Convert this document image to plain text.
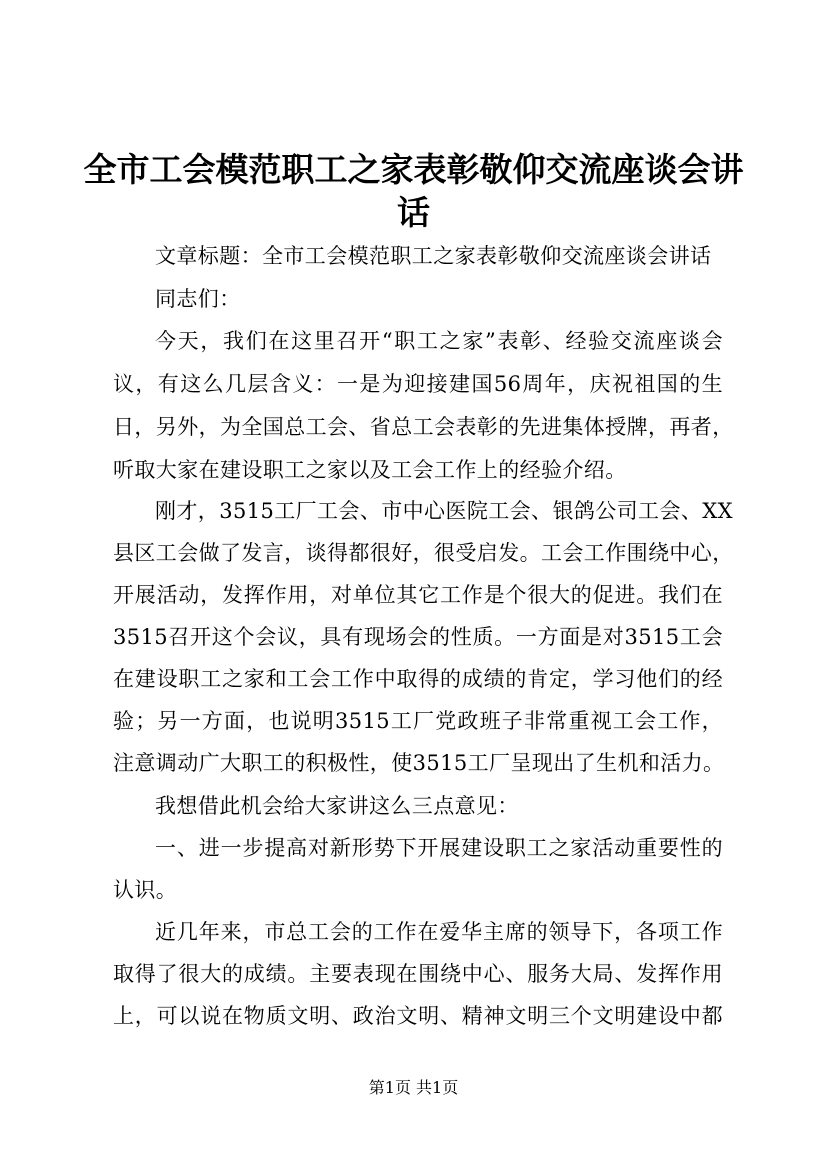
全市工会模范职工之家表彰敬仰交流座谈会讲
话
文章标题：全市工会模范职工之家表彰敬仰交流座谈会讲话
同志们：
今天，我们在这里召开“职工之家”表彰、经验交流座谈会
议，有这么几层含义：一是为迎接建国56周年，庆祝祖国的生
日，另外，为全国总工会、省总工会表彰的先进集体授牌，再者，
听取大家在建设职工之家以及工会工作上的经验介绍。
刚才，3515工厂工会、市中心医院工会、银鸽公司工会、XX
县区工会做了发言，谈得都很好，很受启发。工会工作围绕中心，
开展活动，发挥作用，对单位其它工作是个很大的促进。我们在
3515召开这个会议，具有现场会的性质。一方面是对3515工会
在建设职工之家和工会工作中取得的成绩的肯定，学习他们的经
验；另一方面，也说明3515工厂党政班子非常重视工会工作，
注意调动广大职工的积极性，使3515工厂呈现出了生机和活力。
我想借此机会给大家讲这么三点意见：
一、进一步提高对新形势下开展建设职工之家活动重要性的
认识。
近几年来，市总工会的工作在爱华主席的领导下，各项工作
取得了很大的成绩。主要表现在围绕中心、服务大局、发挥作用
上，可以说在物质文明、政治文明、精神文明三个文明建设中都
第1页 共1页
